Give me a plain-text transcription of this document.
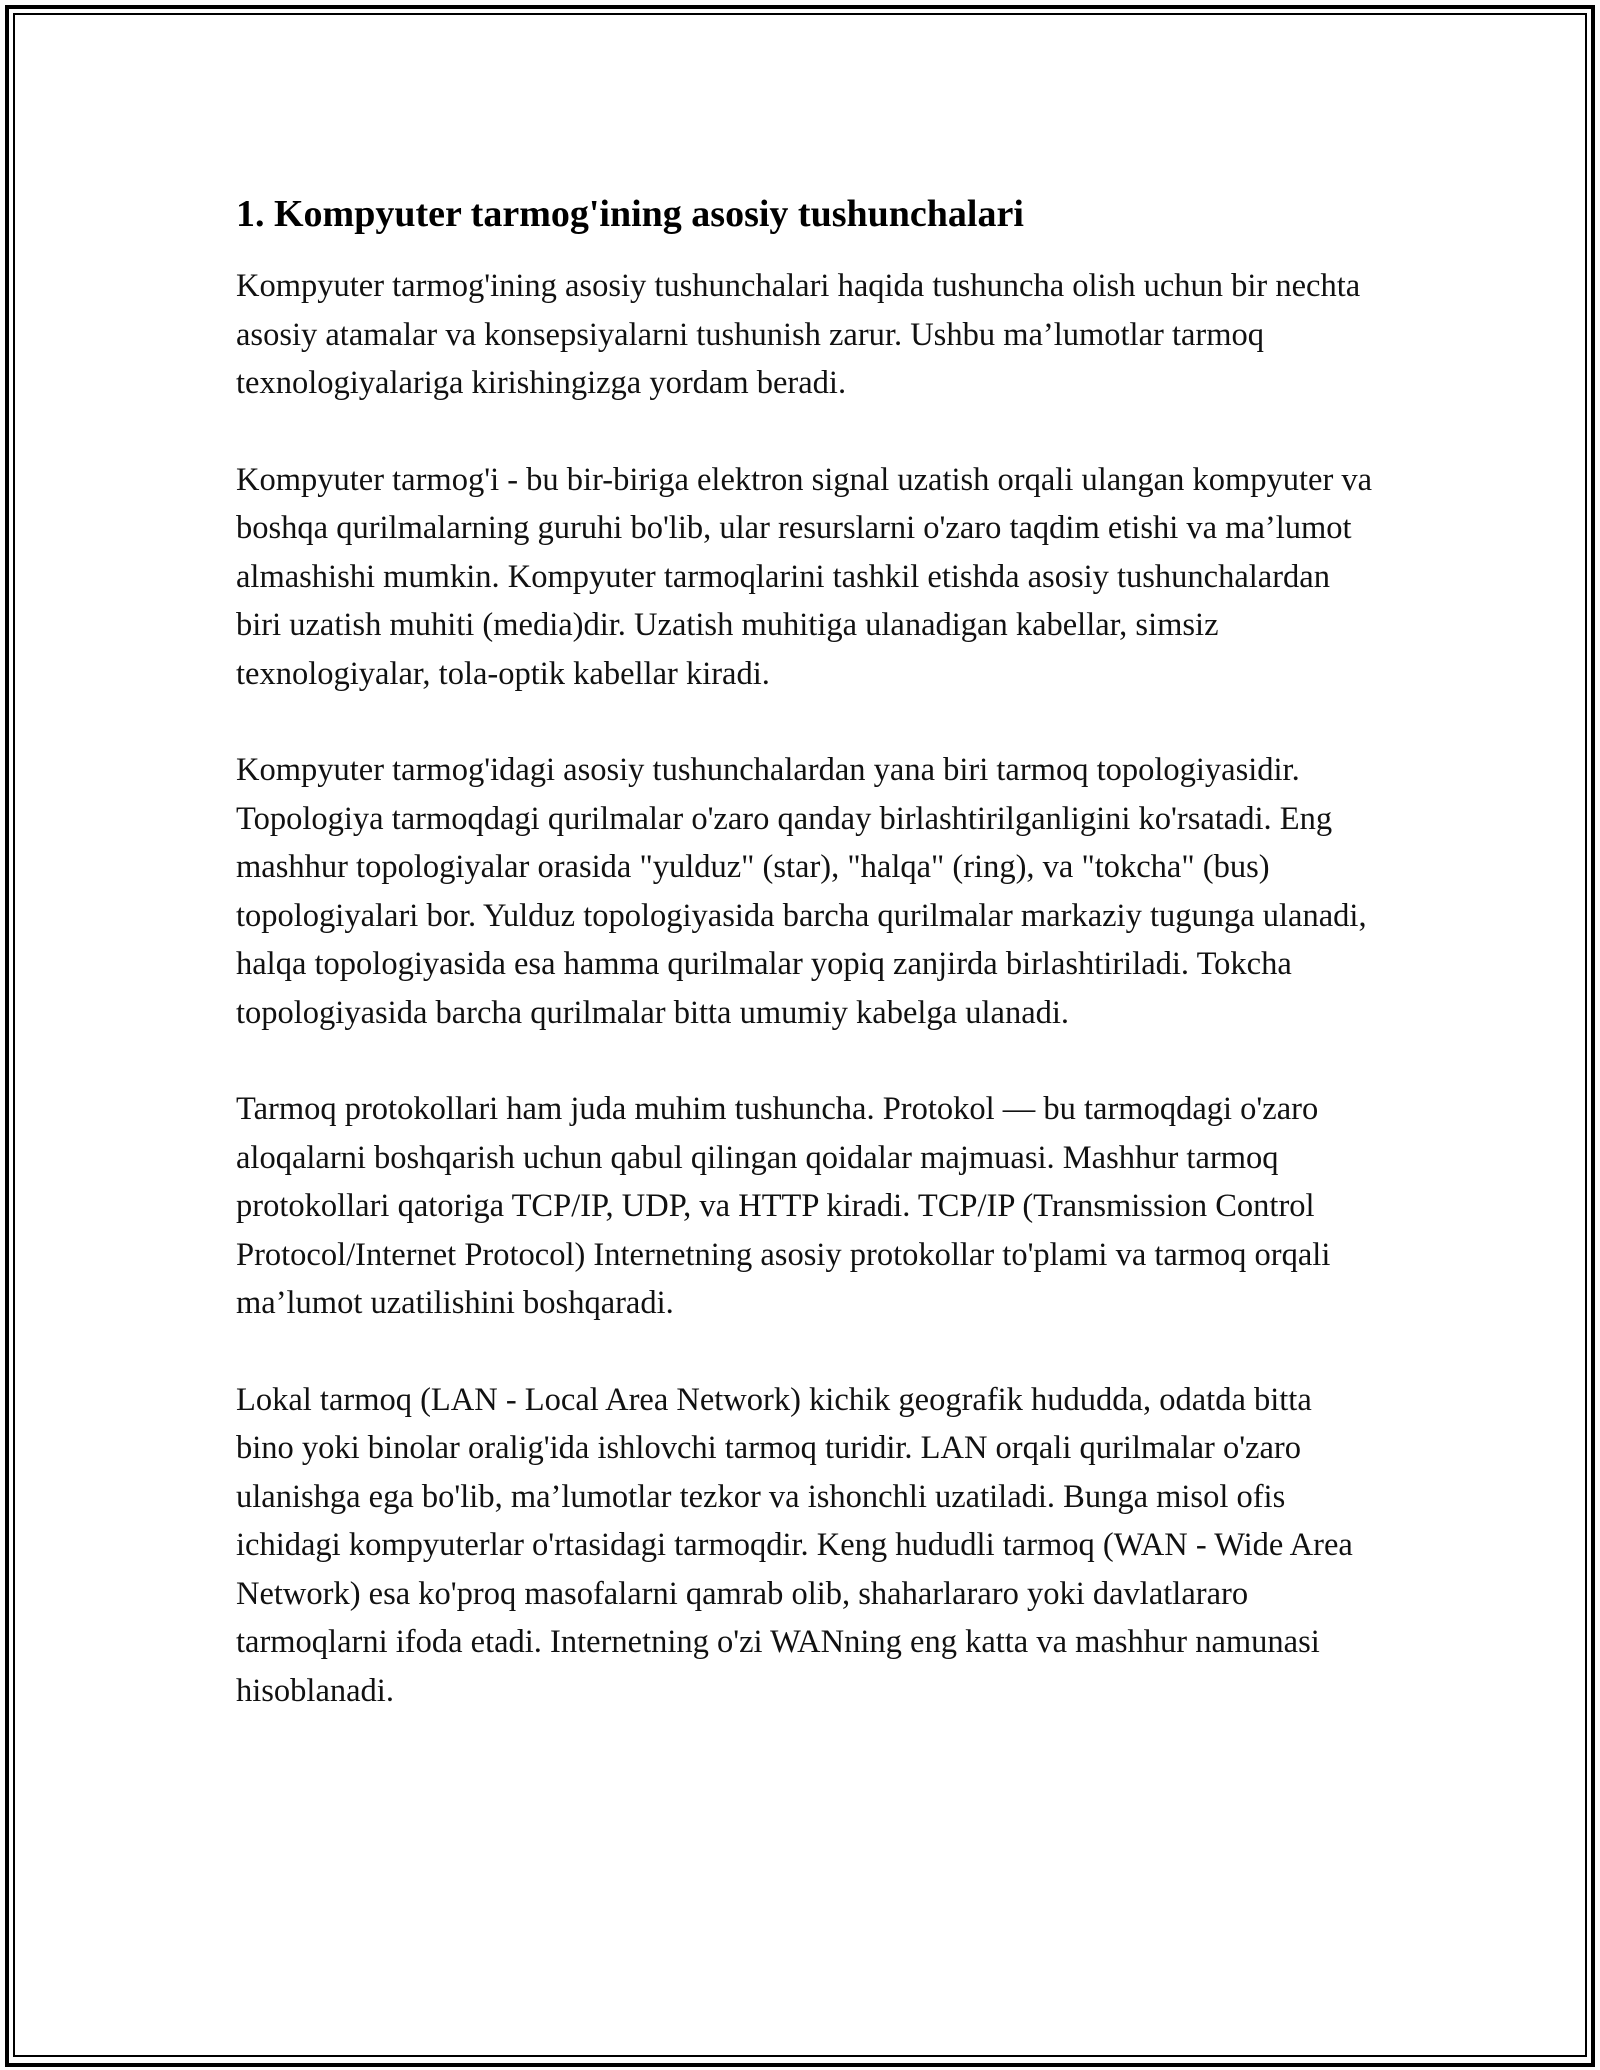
1. Kompyuter tarmog'ining asosiy tushunchalari

Kompyuter tarmog'ining asosiy tushunchalari haqida tushuncha olish uchun bir nechta asosiy atamalar va konsepsiyalarni tushunish zarur. Ushbu ma’lumotlar tarmoq texnologiyalariga kirishingizga yordam beradi.

Kompyuter tarmog'i - bu bir-biriga elektron signal uzatish orqali ulangan kompyuter va boshqa qurilmalarning guruhi bo'lib, ular resurslarni o'zaro taqdim etishi va ma’lumot almashishi mumkin. Kompyuter tarmoqlarini tashkil etishda asosiy tushunchalardan biri uzatish muhiti (media)dir. Uzatish muhitiga ulanadigan kabellar, simsiz texnologiyalar, tola-optik kabellar kiradi.

Kompyuter tarmog'idagi asosiy tushunchalardan yana biri tarmoq topologiyasidir. Topologiya tarmoqdagi qurilmalar o'zaro qanday birlashtirilganligini ko'rsatadi. Eng mashhur topologiyalar orasida "yulduz" (star), "halqa" (ring), va "tokcha" (bus) topologiyalari bor. Yulduz topologiyasida barcha qurilmalar markaziy tugunga ulanadi, halqa topologiyasida esa hamma qurilmalar yopiq zanjirda birlashtiriladi. Tokcha topologiyasida barcha qurilmalar bitta umumiy kabelga ulanadi.

Tarmoq protokollari ham juda muhim tushuncha. Protokol — bu tarmoqdagi o'zaro aloqalarni boshqarish uchun qabul qilingan qoidalar majmuasi. Mashhur tarmoq protokollari qatoriga TCP/IP, UDP, va HTTP kiradi. TCP/IP (Transmission Control Protocol/Internet Protocol) Internetning asosiy protokollar to'plami va tarmoq orqali ma’lumot uzatilishini boshqaradi.

Lokal tarmoq (LAN - Local Area Network) kichik geografik hududda, odatda bitta bino yoki binolar oralig'ida ishlovchi tarmoq turidir. LAN orqali qurilmalar o'zaro ulanishga ega bo'lib, ma’lumotlar tezkor va ishonchli uzatiladi. Bunga misol ofis ichidagi kompyuterlar o'rtasidagi tarmoqdir. Keng hududli tarmoq (WAN - Wide Area Network) esa ko'proq masofalarni qamrab olib, shaharlararo yoki davlatlararo tarmoqlarni ifoda etadi. Internetning o'zi WANning eng katta va mashhur namunasi hisoblanadi.
